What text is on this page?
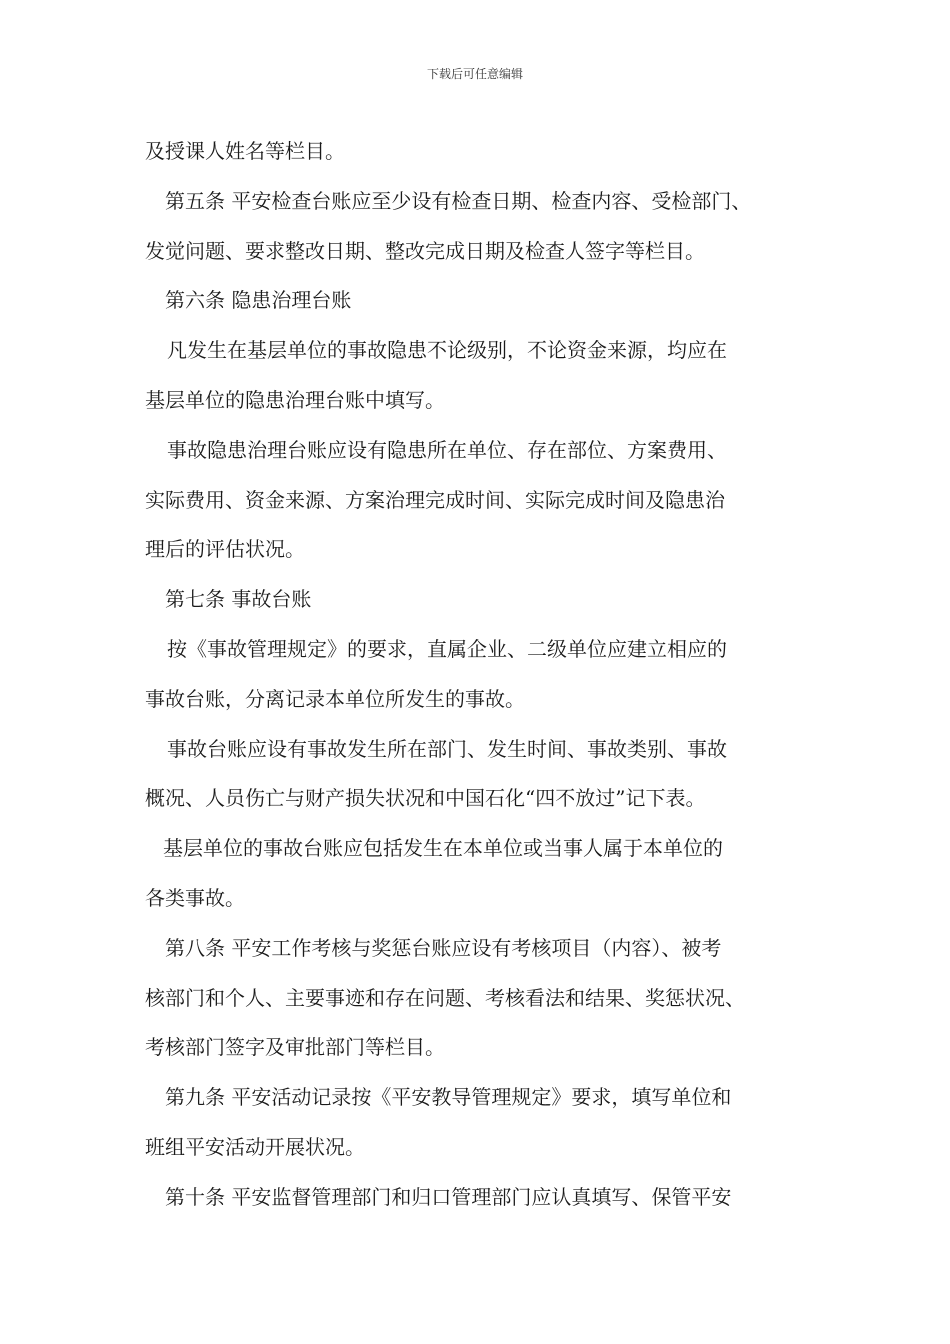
下载后可任意编辑
及授课人姓名等栏目。
第五条 平安检查台账应至少设有检查日期、检查内容、受检部门、
发觉问题、要求整改日期、整改完成日期及检查人签字等栏目。
第六条 隐患治理台账
凡发生在基层单位的事故隐患不论级别，不论资金来源，均应在
基层单位的隐患治理台账中填写。
事故隐患治理台账应设有隐患所在单位、存在部位、方案费用、
实际费用、资金来源、方案治理完成时间、实际完成时间及隐患治
理后的评估状况。
第七条 事故台账
按《事故管理规定》的要求，直属企业、二级单位应建立相应的
事故台账，分离记录本单位所发生的事故。
事故台账应设有事故发生所在部门、发生时间、事故类别、事故
概况、人员伤亡与财产损失状况和中国石化“四不放过”记下表。
基层单位的事故台账应包括发生在本单位或当事人属于本单位的
各类事故。
第八条 平安工作考核与奖惩台账应设有考核项目（内容）、被考
核部门和个人、主要事迹和存在问题、考核看法和结果、奖惩状况、
考核部门签字及审批部门等栏目。
第九条 平安活动记录按《平安教导管理规定》要求，填写单位和
班组平安活动开展状况。
第十条 平安监督管理部门和归口管理部门应认真填写、保管平安
